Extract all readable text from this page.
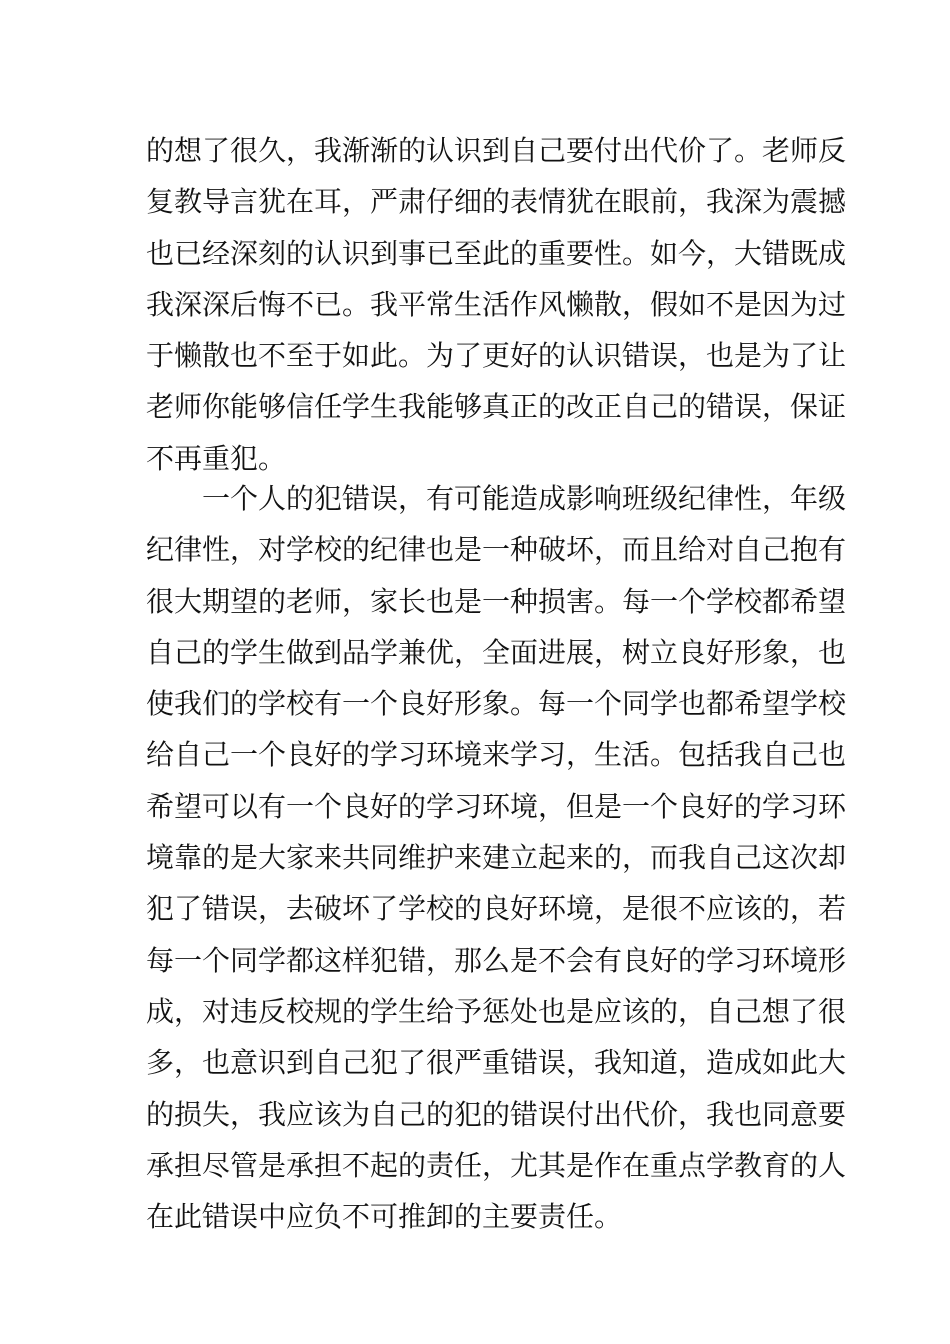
的想了很久，我渐渐的认识到自己要付出代价了。老师反
复教导言犹在耳，严肃仔细的表情犹在眼前，我深为震撼
也已经深刻的认识到事已至此的重要性。如今，大错既成
我深深后悔不已。我平常生活作风懒散，假如不是因为过
于懒散也不至于如此。为了更好的认识错误，也是为了让
老师你能够信任学生我能够真正的改正自己的错误，保证
不再重犯。
　　一个人的犯错误，有可能造成影响班级纪律性，年级
纪律性，对学校的纪律也是一种破坏，而且给对自己抱有
很大期望的老师，家长也是一种损害。每一个学校都希望
自己的学生做到品学兼优，全面进展，树立良好形象，也
使我们的学校有一个良好形象。每一个同学也都希望学校
给自己一个良好的学习环境来学习，生活。包括我自己也
希望可以有一个良好的学习环境，但是一个良好的学习环
境靠的是大家来共同维护来建立起来的，而我自己这次却
犯了错误，去破坏了学校的良好环境，是很不应该的，若
每一个同学都这样犯错，那么是不会有良好的学习环境形
成，对违反校规的学生给予惩处也是应该的，自己想了很
多，也意识到自己犯了很严重错误，我知道，造成如此大
的损失，我应该为自己的犯的错误付出代价，我也同意要
承担尽管是承担不起的责任，尤其是作在重点学教育的人
在此错误中应负不可推卸的主要责任。
